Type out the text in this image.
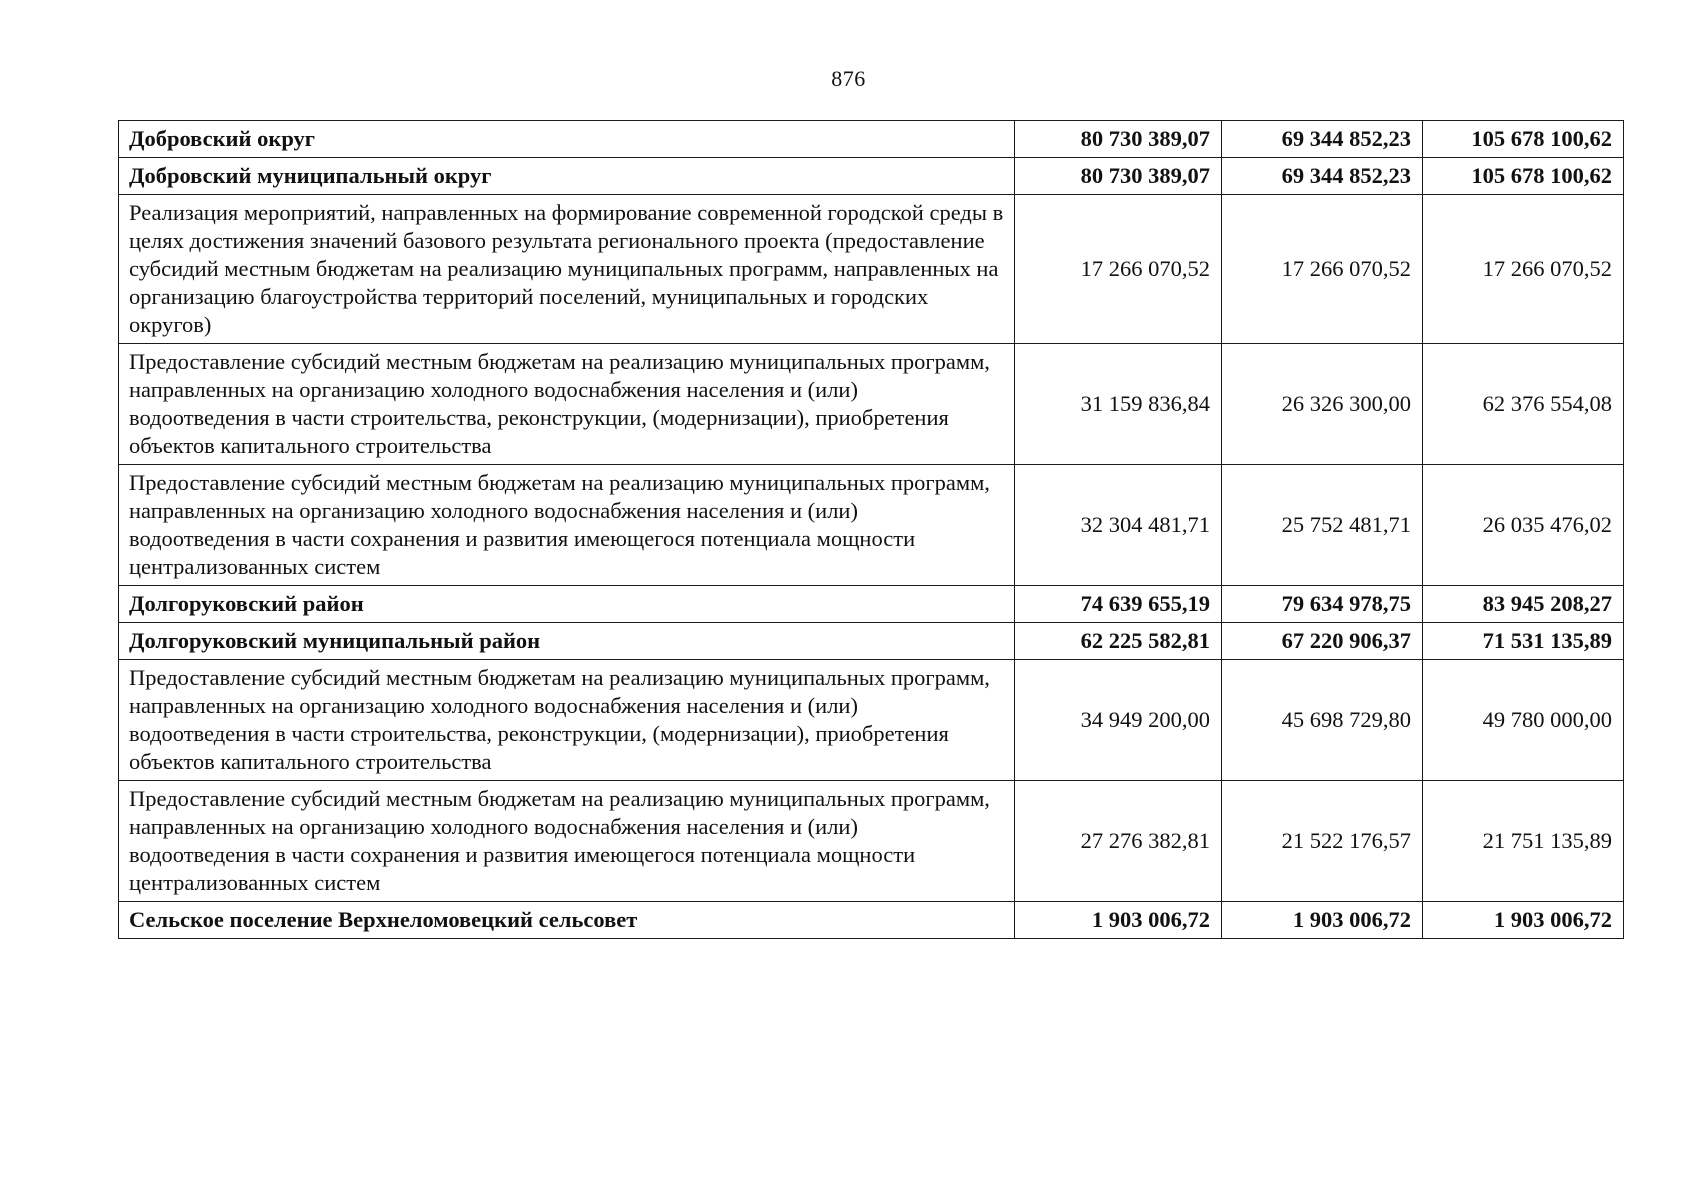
876
Добровский округ	80 730 389,07	69 344 852,23	105 678 100,62
Добровский муниципальный округ	80 730 389,07	69 344 852,23	105 678 100,62
Реализация мероприятий, направленных на формирование современной городской среды в целях достижения значений базового результата регионального проекта (предоставление субсидий местным бюджетам на реализацию муниципальных программ, направленных на организацию благоустройства территорий поселений, муниципальных и городских округов)	17 266 070,52	17 266 070,52	17 266 070,52
Предоставление субсидий местным бюджетам на реализацию муниципальных программ, направленных на организацию холодного водоснабжения населения и (или) водоотведения в части строительства, реконструкции, (модернизации), приобретения объектов капитального строительства	31 159 836,84	26 326 300,00	62 376 554,08
Предоставление субсидий местным бюджетам на реализацию муниципальных программ, направленных на организацию холодного водоснабжения населения и (или) водоотведения в части сохранения и развития имеющегося потенциала мощности централизованных систем	32 304 481,71	25 752 481,71	26 035 476,02
Долгоруковский район	74 639 655,19	79 634 978,75	83 945 208,27
Долгоруковский муниципальный район	62 225 582,81	67 220 906,37	71 531 135,89
Предоставление субсидий местным бюджетам на реализацию муниципальных программ, направленных на организацию холодного водоснабжения населения и (или) водоотведения в части строительства, реконструкции, (модернизации), приобретения объектов капитального строительства	34 949 200,00	45 698 729,80	49 780 000,00
Предоставление субсидий местным бюджетам на реализацию муниципальных программ, направленных на организацию холодного водоснабжения населения и (или) водоотведения в части сохранения и развития имеющегося потенциала мощности централизованных систем	27 276 382,81	21 522 176,57	21 751 135,89
Сельское поселение Верхнеломовецкий сельсовет	1 903 006,72	1 903 006,72	1 903 006,72
